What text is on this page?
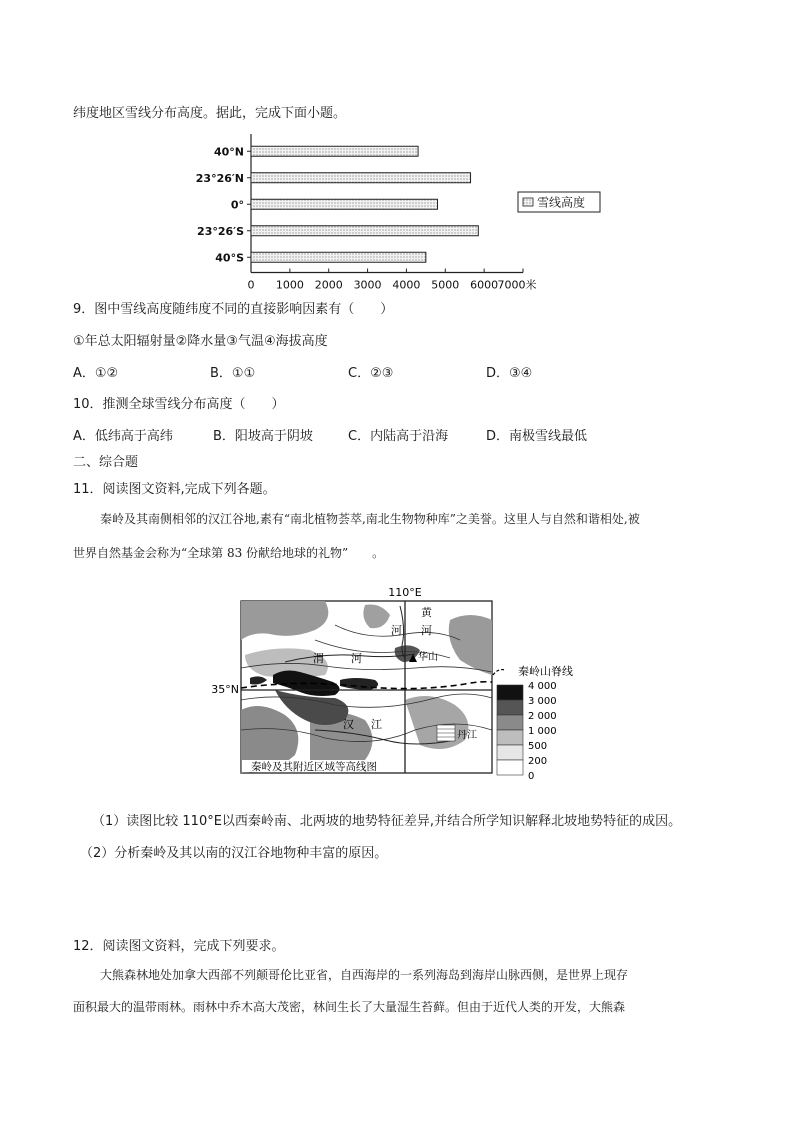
纬度地区雪线分布高度。据此，完成下面小题。
0 1000 2000 3000 4000 5000 6000 7000米
40°N
23°26′N
0°
23°26′S
40°S
雪线高度
9．图中雪线高度随纬度不同的直接影响因素有（　　）
①年总太阳辐射量②降水量③气温④海拔高度
A．①②	B．①①	C．②③	D．③④
10．推测全球雪线分布高度（　　）
A．低纬高于高纬	B．阳坡高于阴坡	C．内陆高于沿海	D．南极雪线最低
二、综合题
11．阅读图文资料,完成下列各题。
秦岭及其南侧相邻的汉江谷地,素有“南北植物荟萃,南北生物物种库”之美誉。这里人与自然和谐相处,被
世界自然基金会称为“全球第 83 份献给地球的礼物”　　。
110°E
35°N
黄
河
河
渭 河	华山
汉 江
丹江
秦岭山脊线
4 000
3 000
2 000
1 000
500
200
0
秦岭及其附近区域等高线图
（1）读图比较 110°E以西秦岭南、北两坡的地势特征差异,并结合所学知识解释北坡地势特征的成因。
（2）分析秦岭及其以南的汉江谷地物种丰富的原因。
12．阅读图文资料，完成下列要求。
大熊森林地处加拿大西部不列颠哥伦比亚省，自西海岸的一系列海岛到海岸山脉西侧，是世界上现存
面积最大的温带雨林。雨林中乔木高大茂密，林间生长了大量湿生苔藓。但由于近代人类的开发，大熊森
